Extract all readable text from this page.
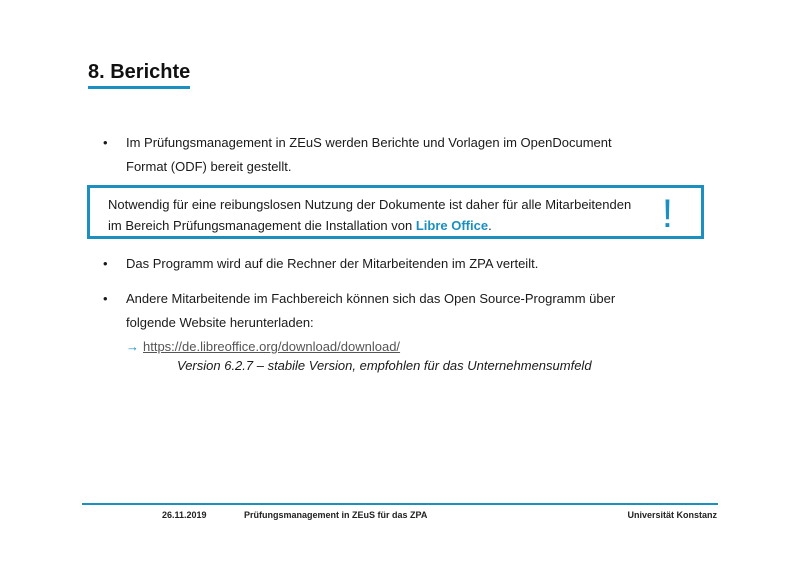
8. Berichte
• Im Prüfungsmanagement in ZEuS werden Berichte und Vorlagen im OpenDocument
Format (ODF) bereit gestellt.
Notwendig für eine reibungslosen Nutzung der Dokumente ist daher für alle Mitarbeitenden
im Bereich Prüfungsmanagement die Installation von Libre Office.	!
• Das Programm wird auf die Rechner der Mitarbeitenden im ZPA verteilt.
• Andere Mitarbeitende im Fachbereich können sich das Open Source-Programm über
folgende Website herunterladen:
→ https://de.libreoffice.org/download/download/
Version 6.2.7 – stabile Version, empfohlen für das Unternehmensumfeld
26.11.2019	Prüfungsmanagement in ZEuS für das ZPA	Universität Konstanz
